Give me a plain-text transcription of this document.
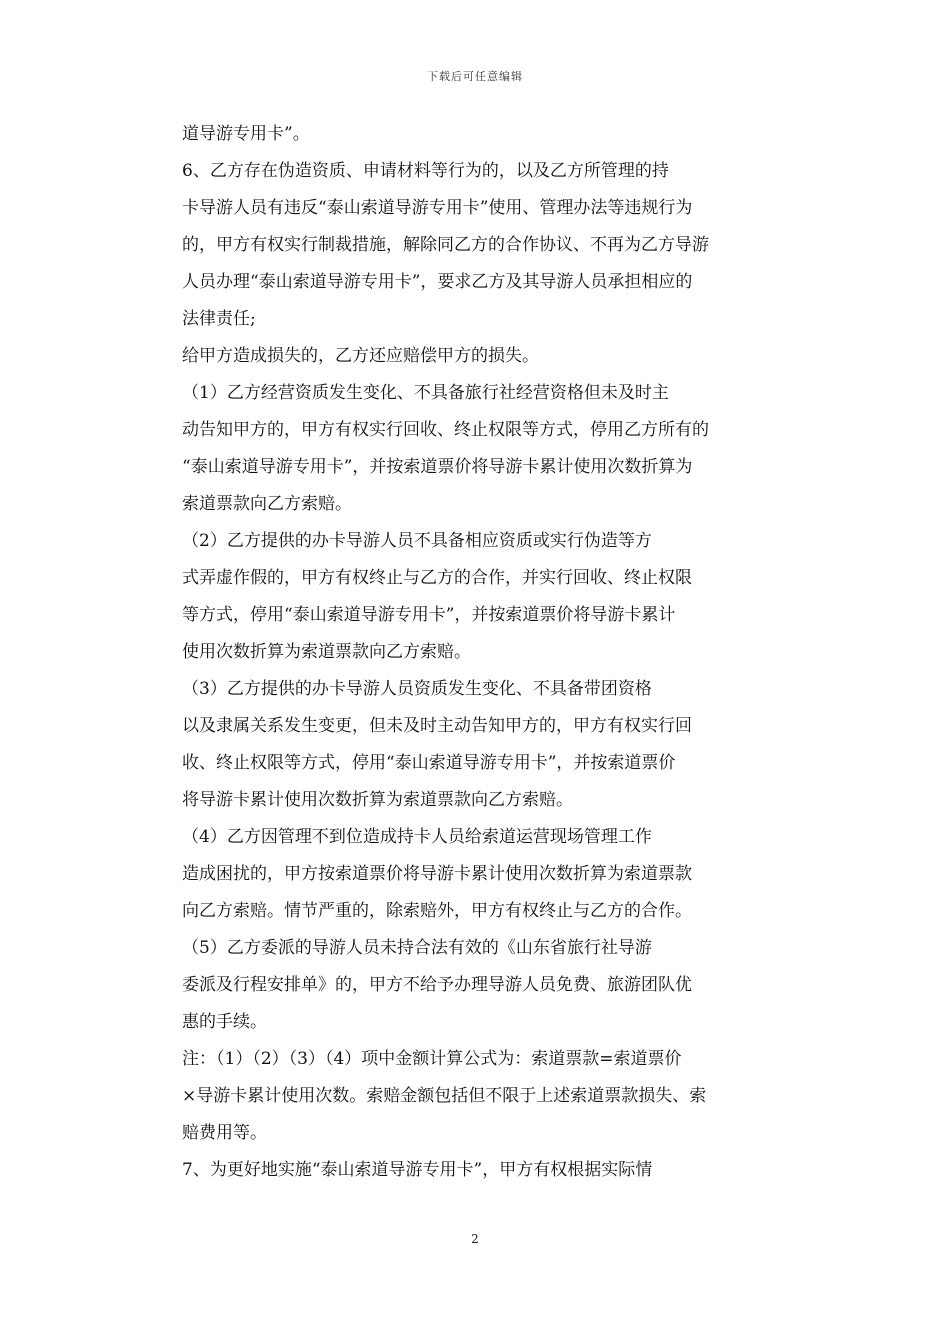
下载后可任意编辑
道导游专用卡”。
6、乙方存在伪造资质、申请材料等行为的，以及乙方所管理的持
卡导游人员有违反“泰山索道导游专用卡”使用、管理办法等违规行为
的，甲方有权实行制裁措施，解除同乙方的合作协议、不再为乙方导游
人员办理“泰山索道导游专用卡”，要求乙方及其导游人员承担相应的
法律责任;
给甲方造成损失的，乙方还应赔偿甲方的损失。
（1）乙方经营资质发生变化、不具备旅行社经营资格但未及时主
动告知甲方的，甲方有权实行回收、终止权限等方式，停用乙方所有的
“泰山索道导游专用卡”，并按索道票价将导游卡累计使用次数折算为
索道票款向乙方索赔。
（2）乙方提供的办卡导游人员不具备相应资质或实行伪造等方
式弄虚作假的，甲方有权终止与乙方的合作，并实行回收、终止权限
等方式，停用“泰山索道导游专用卡”，并按索道票价将导游卡累计
使用次数折算为索道票款向乙方索赔。
（3）乙方提供的办卡导游人员资质发生变化、不具备带团资格
以及隶属关系发生变更，但未及时主动告知甲方的，甲方有权实行回
收、终止权限等方式，停用“泰山索道导游专用卡”，并按索道票价
将导游卡累计使用次数折算为索道票款向乙方索赔。
（4）乙方因管理不到位造成持卡人员给索道运营现场管理工作
造成困扰的，甲方按索道票价将导游卡累计使用次数折算为索道票款
向乙方索赔。情节严重的，除索赔外，甲方有权终止与乙方的合作。
（5）乙方委派的导游人员未持合法有效的《山东省旅行社导游
委派及行程安排单》的，甲方不给予办理导游人员免费、旅游团队优
惠的手续。
注：（1）（2）（3）（4）项中金额计算公式为：索道票款=索道票价
×导游卡累计使用次数。索赔金额包括但不限于上述索道票款损失、索
赔费用等。
7、为更好地实施“泰山索道导游专用卡”，甲方有权根据实际情
2
